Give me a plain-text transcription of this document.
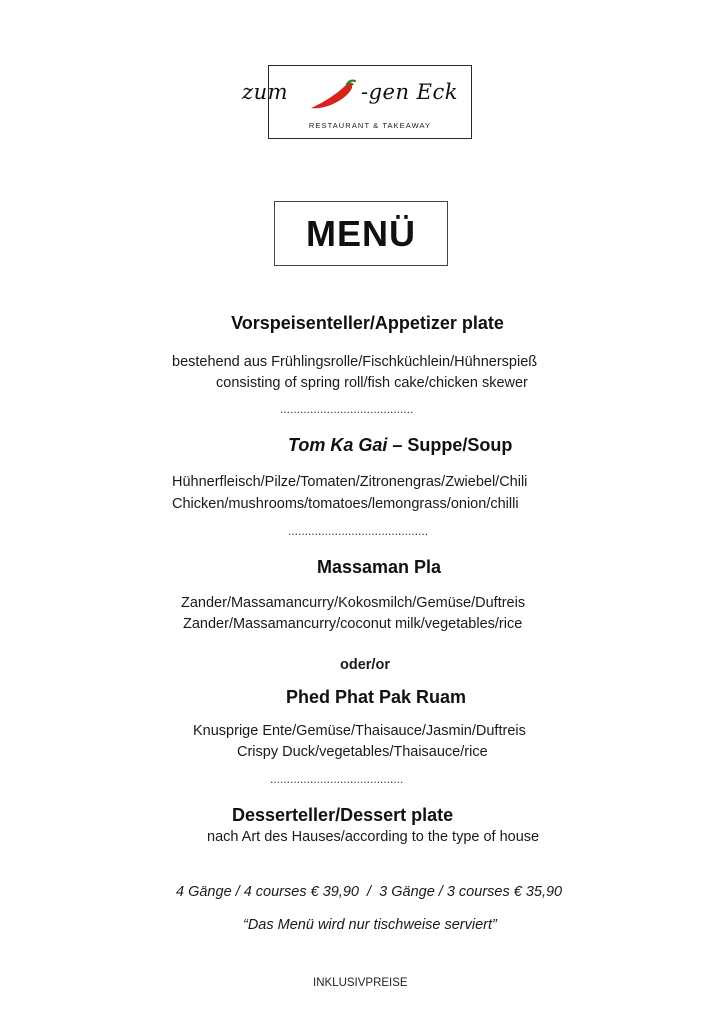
zum	-gen Eck
RESTAURANT & TAKEAWAY
MENÜ
Vorspeisenteller/Appetizer plate
bestehend aus Frühlingsrolle/Fischküchlein/Hühnerspieß
consisting of spring roll/fish cake/chicken skewer
........................................
Tom Ka Gai – Suppe/Soup
Hühnerfleisch/Pilze/Tomaten/Zitronengras/Zwiebel/Chili
Chicken/mushrooms/tomatoes/lemongrass/onion/chilli
..........................................
Massaman Pla
Zander/Massamancurry/Kokosmilch/Gemüse/Duftreis
Zander/Massamancurry/coconut milk/vegetables/rice
oder/or
Phed Phat Pak Ruam
Knusprige Ente/Gemüse/Thaisauce/Jasmin/Duftreis
Crispy Duck/vegetables/Thaisauce/rice
........................................
Desserteller/Dessert plate
nach Art des Hauses/according to the type of house
4 Gänge / 4 courses € 39,90  /  3 Gänge / 3 courses € 35,90
“Das Menü wird nur tischweise serviert”
INKLUSIVPREISE
